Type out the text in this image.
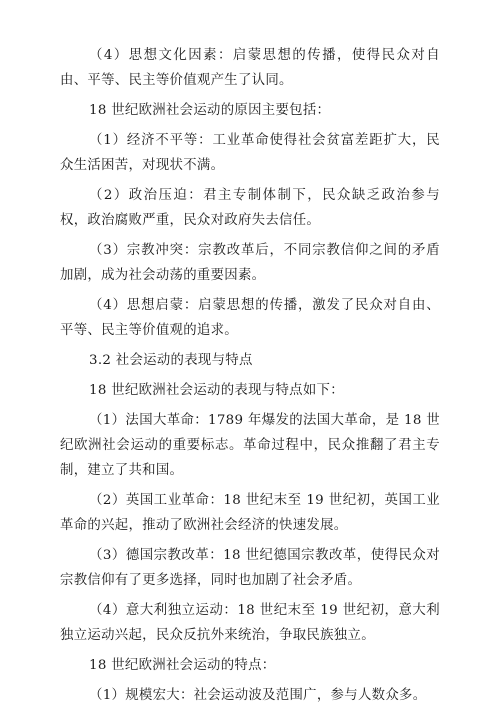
（4）思想文化因素：启蒙思想的传播，使得民众对自由、平等、民主等价值观产生了认同。

18 世纪欧洲社会运动的原因主要包括：

（1）经济不平等：工业革命使得社会贫富差距扩大，民众生活困苦，对现状不满。

（2）政治压迫：君主专制体制下，民众缺乏政治参与权，政治腐败严重，民众对政府失去信任。

（3）宗教冲突：宗教改革后，不同宗教信仰之间的矛盾加剧，成为社会动荡的重要因素。

（4）思想启蒙：启蒙思想的传播，激发了民众对自由、平等、民主等价值观的追求。

3.2 社会运动的表现与特点

18 世纪欧洲社会运动的表现与特点如下：

（1）法国大革命：1789 年爆发的法国大革命，是 18 世纪欧洲社会运动的重要标志。革命过程中，民众推翻了君主专制，建立了共和国。

（2）英国工业革命：18 世纪末至 19 世纪初，英国工业革命的兴起，推动了欧洲社会经济的快速发展。

（3）德国宗教改革：18 世纪德国宗教改革，使得民众对宗教信仰有了更多选择，同时也加剧了社会矛盾。

（4）意大利独立运动：18 世纪末至 19 世纪初，意大利独立运动兴起，民众反抗外来统治，争取民族独立。

18 世纪欧洲社会运动的特点：

（1）规模宏大：社会运动波及范围广，参与人数众多。
